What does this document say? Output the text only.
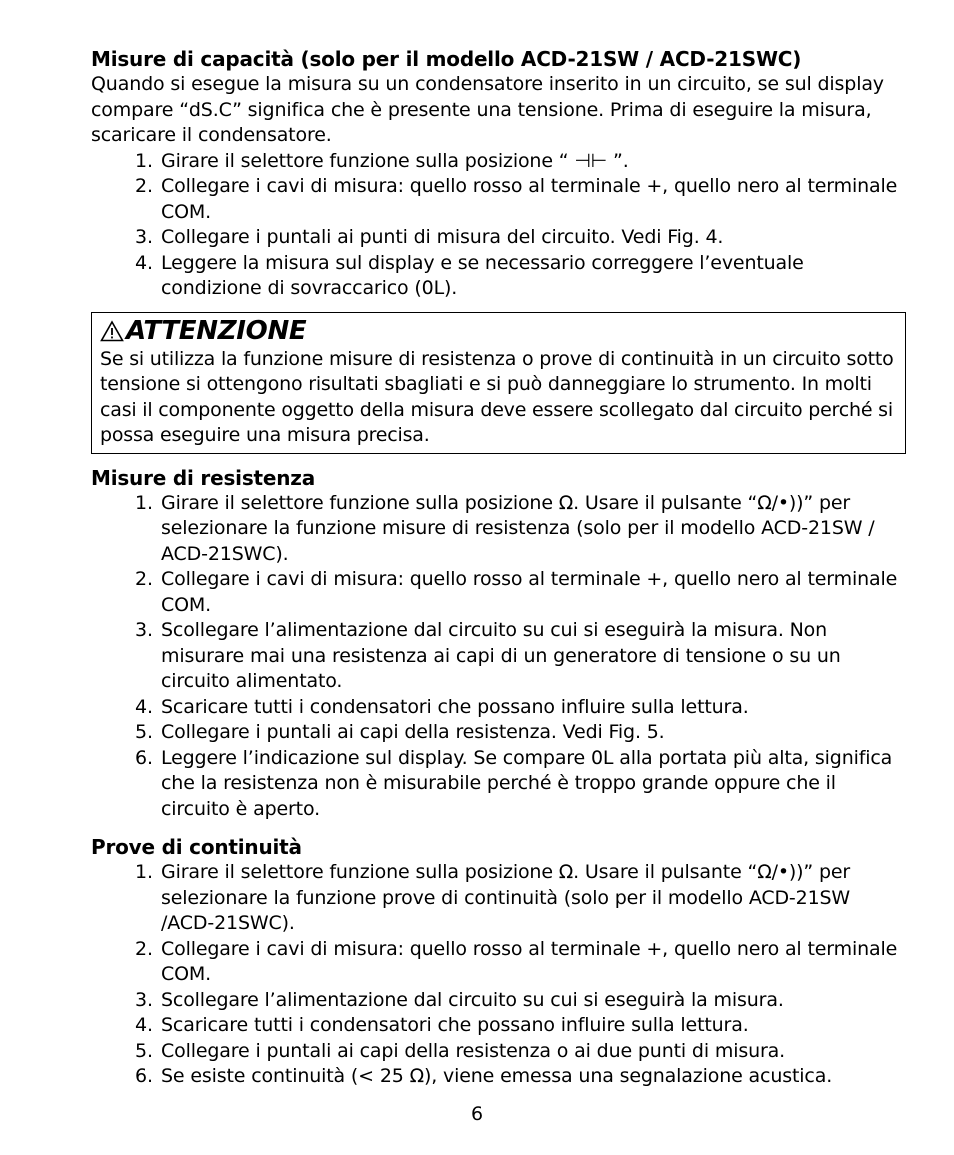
Misure di capacità (solo per il modello ACD-21SW / ACD-21SWC)

Quando si esegue la misura su un condensatore inserito in un circuito, se sul display compare “dS.C” significa che è presente una tensione. Prima di eseguire la misura, scaricare il condensatore.

1. Girare il selettore funzione sulla posizione “ ⊣⊢ ”.
2. Collegare i cavi di misura: quello rosso al terminale +, quello nero al terminale COM.
3. Collegare i puntali ai punti di misura del circuito. Vedi Fig. 4.
4. Leggere la misura sul display e se necessario correggere l’eventuale condizione di sovraccarico (0L).
ATTENZIONE

Se si utilizza la funzione misure di resistenza o prove di continuità in un circuito sotto tensione si ottengono risultati sbagliati e si può danneggiare lo strumento. In molti casi il componente oggetto della misura deve essere scollegato dal circuito perché si possa eseguire una misura precisa.

Misure di resistenza
1. Girare il selettore funzione sulla posizione Ω. Usare il pulsante “Ω/•))” per selezionare la funzione misure di resistenza (solo per il modello ACD-21SW / ACD-21SWC).
2. Collegare i cavi di misura: quello rosso al terminale +, quello nero al terminale COM.
3. Scollegare l’alimentazione dal circuito su cui si eseguirà la misura. Non misurare mai una resistenza ai capi di un generatore di tensione o su un circuito alimentato.
4. Scaricare tutti i condensatori che possano influire sulla lettura.
5. Collegare i puntali ai capi della resistenza. Vedi Fig. 5.
6. Leggere l’indicazione sul display. Se compare 0L alla portata più alta, significa che la resistenza non è misurabile perché è troppo grande oppure che il circuito è aperto.
Prove di continuità
1. Girare il selettore funzione sulla posizione Ω. Usare il pulsante “Ω/•))” per selezionare la funzione prove di continuità (solo per il modello ACD-21SW /ACD-21SWC).
2. Collegare i cavi di misura: quello rosso al terminale +, quello nero al terminale COM.
3. Scollegare l’alimentazione dal circuito su cui si eseguirà la misura.
4. Scaricare tutti i condensatori che possano influire sulla lettura.
5. Collegare i puntali ai capi della resistenza o ai due punti di misura.
6. Se esiste continuità (< 25 Ω), viene emessa una segnalazione acustica.
6
